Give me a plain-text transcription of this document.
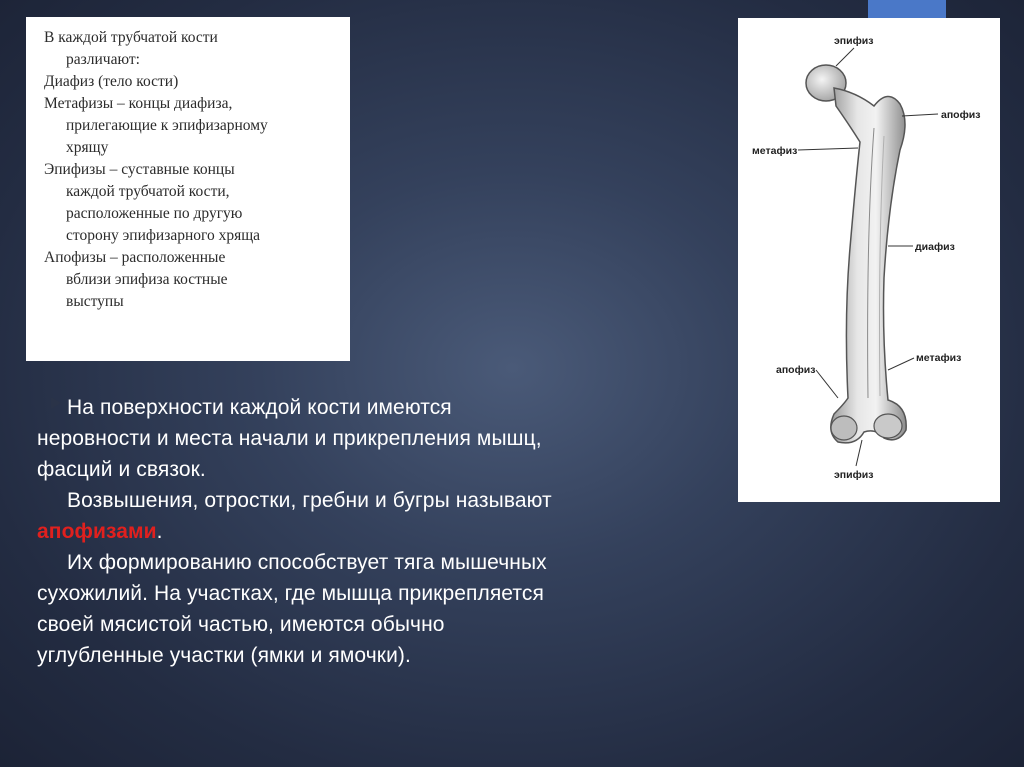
В каждой трубчатой кости

различают:

Диафиз (тело кости)

Метафизы – концы диафиза,

прилегающие к эпифизарному

хрящу

Эпифизы – суставные концы

каждой трубчатой кости,

расположенные по другую

сторону эпифизарного хряща

Апофизы – расположенные

вблизи эпифиза костные

выступы

На поверхности каждой кости имеются

неровности и места начали и прикрепления мышц,

фасций и связок.

Возвышения, отростки, гребни и бугры называют

апофизами.

Их формированию способствует тяга мышечных

сухожилий. На участках, где мышца прикрепляется

своей мясистой частью, имеются обычно

углубленные участки (ямки и ямочки).

эпифиз
апофиз
метафиз
диафиз
апофиз
метафиз
эпифиз
